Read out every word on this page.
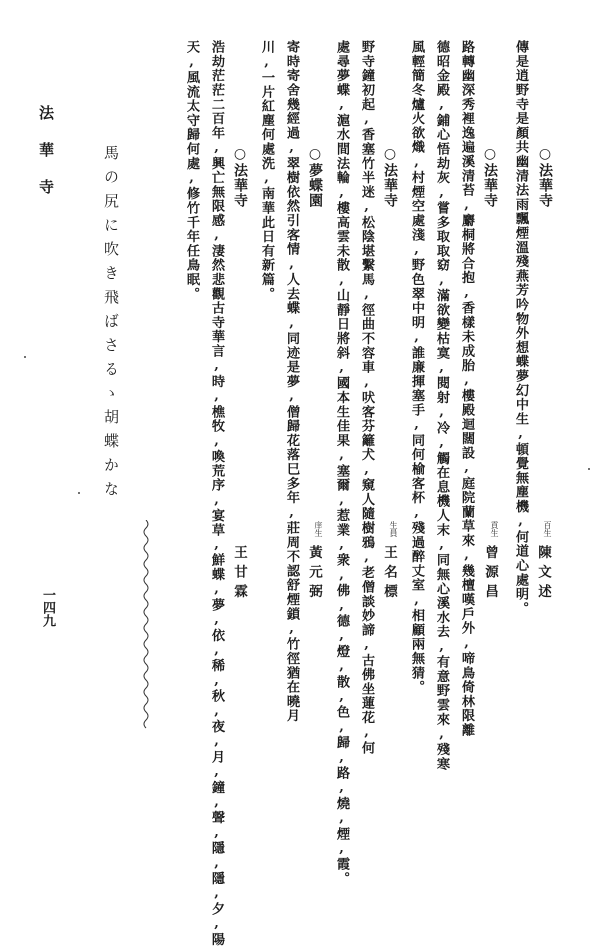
○法華寺
百生
陳文述
傳是逍野寺是顏共幽清法雨飄煙溫殘燕芳吟物外想蝶夢幻中生,頓覺無塵機,何道心處明。
○法華寺
貢生
曾源昌
路轉幽深秀裡逸遍溪清苔,麝桐將合抱,香樣未成胎,樓殿迴闊設,庭院蘭草來,幾檀嘆戶外,啼鳥倚林限離
德昭金殿,鋪心悟劫灰,嘗多取取窈,滿欲變枯寞,閱射,冷,觸在息機人末,同無心溪水去,有意野雲來,殘寒
風輕簡冬爐火欲熾,村煙空處淺,野色翠中明,誰廉揮塞手,同何榆客杯,殘過醉丈室,相顧兩無猜。
○法華寺
生員
王名標
野寺鐘初起,香塞竹半迷,松陰堪繫馬,徑曲不容車,吠客芬籬犬,窺人隨樹鴉,老僧談妙諦,古佛坐蓮花,何
處尋夢蝶,滬水間法輪,樓高雲未散,山靜日將斜,國本生佳果,塞爾,惹業,衆,佛,德,燈,散,色,歸,路,燒,煙,霞。
○夢蝶園
庠生
黃元弼
寄時寄舍幾經過,翠樹依然引客情,人去蝶,同迹是夢,僧歸花落巳多年,莊周不認舒煙鎖,竹徑猶在曉月
川,一片紅塵何處洗,南華此日有新篇。
○法華寺
王甘霖
浩劫茫茫二百年,興亡無限感,淒然悲觀古寺華言,時,樵牧,喚荒序,宴草,鮮蝶,夢,依,稀,秋,夜,月,鐘,聲,隱,隱,夕,陽
天,風流太守歸何處,修竹千年任鳥眠。
馬の尻に吹き飛ばさるゝ胡蝶かな
法華寺
一四九
